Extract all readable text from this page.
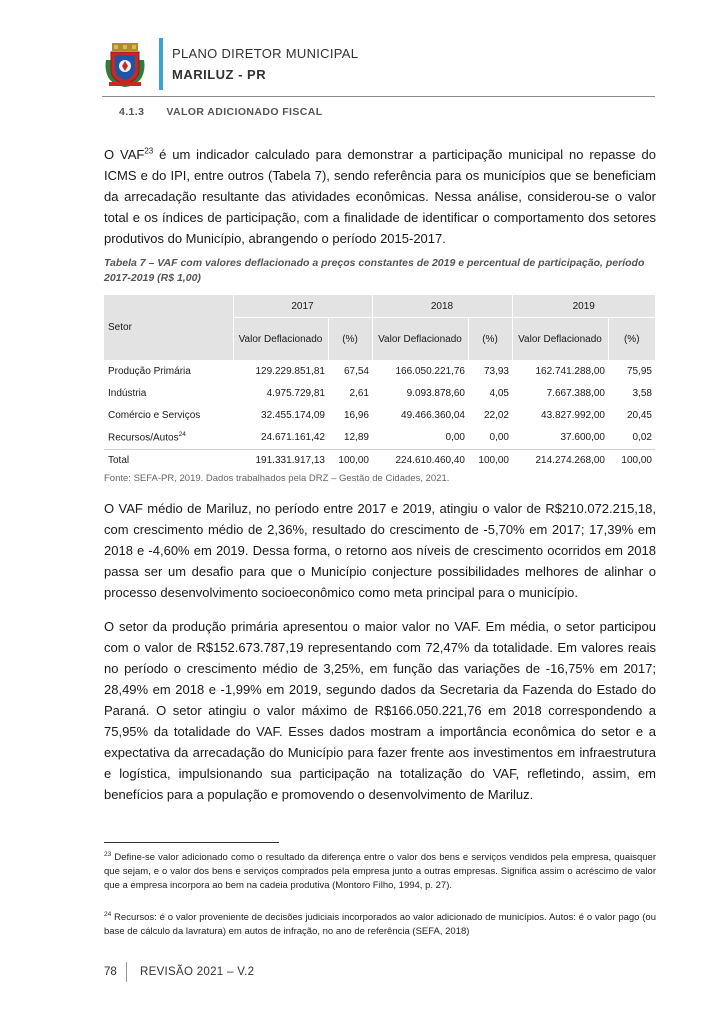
PLANO DIRETOR MUNICIPAL
MARILUZ - PR
4.1.3 VALOR ADICIONADO FISCAL
O VAF$^{23}$ é um indicador calculado para demonstrar a participação municipal no repasse do ICMS e do IPI, entre outros (Tabela 7), sendo referência para os municípios que se beneficiam da arrecadação resultante das atividades econômicas. Nessa análise, considerou-se o valor total e os índices de participação, com a finalidade de identificar o comportamento dos setores produtivos do Município, abrangendo o período 2015-2017.
Tabela 7 – VAF com valores deflacionado a preços constantes de 2019 e percentual de participação, período 2017-2019 (R$ 1,00)
Setor	2017		2018		2019	
	Valor Deflacionado	(%)	Valor Deflacionado	(%)	Valor Deflacionado	(%)
Produção Primária	129.229.851,81	67,54	166.050.221,76	73,93	162.741.288,00	75,95
Indústria	4.975.729,81	2,61	9.093.878,60	4,05	7.667.388,00	3,58
Comércio e Serviços	32.455.174,09	16,96	49.466.360,04	22,02	43.827.992,00	20,45
Recursos/Autos$^{24}$	24.671.161,42	12,89	0,00	0,00	37.600,00	0,02
Total	191.331.917,13	100,00	224.610.460,40	100,00	214.274.268,00	100,00
Fonte: SEFA-PR, 2019. Dados trabalhados pela DRZ – Gestão de Cidades, 2021.
O VAF médio de Mariluz, no período entre 2017 e 2019, atingiu o valor de R$210.072.215,18, com crescimento médio de 2,36%, resultado do crescimento de -5,70% em 2017; 17,39% em 2018 e -4,60% em 2019. Dessa forma, o retorno aos níveis de crescimento ocorridos em 2018 passa ser um desafio para que o Município conjecture possibilidades melhores de alinhar o processo desenvolvimento socioeconômico como meta principal para o município.
O setor da produção primária apresentou o maior valor no VAF. Em média, o setor participou com o valor de R$152.673.787,19 representando com 72,47% da totalidade. Em valores reais no período o crescimento médio de 3,25%, em função das variações de -16,75% em 2017; 28,49% em 2018 e -1,99% em 2019, segundo dados da Secretaria da Fazenda do Estado do Paraná. O setor atingiu o valor máximo de R$166.050.221,76 em 2018 correspondendo a 75,95% da totalidade do VAF. Esses dados mostram a importância econômica do setor e a expectativa da arrecadação do Município para fazer frente aos investimentos em infraestrutura e logística, impulsionando sua participação na totalização do VAF, refletindo, assim, em benefícios para a população e promovendo o desenvolvimento de Mariluz.
$^{23}$ Define-se valor adicionado como o resultado da diferença entre o valor dos bens e serviços vendidos pela empresa, quaisquer que sejam, e o valor dos bens e serviços comprados pela empresa junto a outras empresas. Significa assim o acréscimo de valor que a empresa incorpora ao bem na cadeia produtiva (Montoro Filho, 1994, p. 27).
$^{24}$ Recursos: é o valor proveniente de decisões judiciais incorporados ao valor adicionado de municípios. Autos: é o valor pago (ou base de cálculo da lavratura) em autos de infração, no ano de referência (SEFA, 2018)
78 REVISÃO 2021 – V.2
